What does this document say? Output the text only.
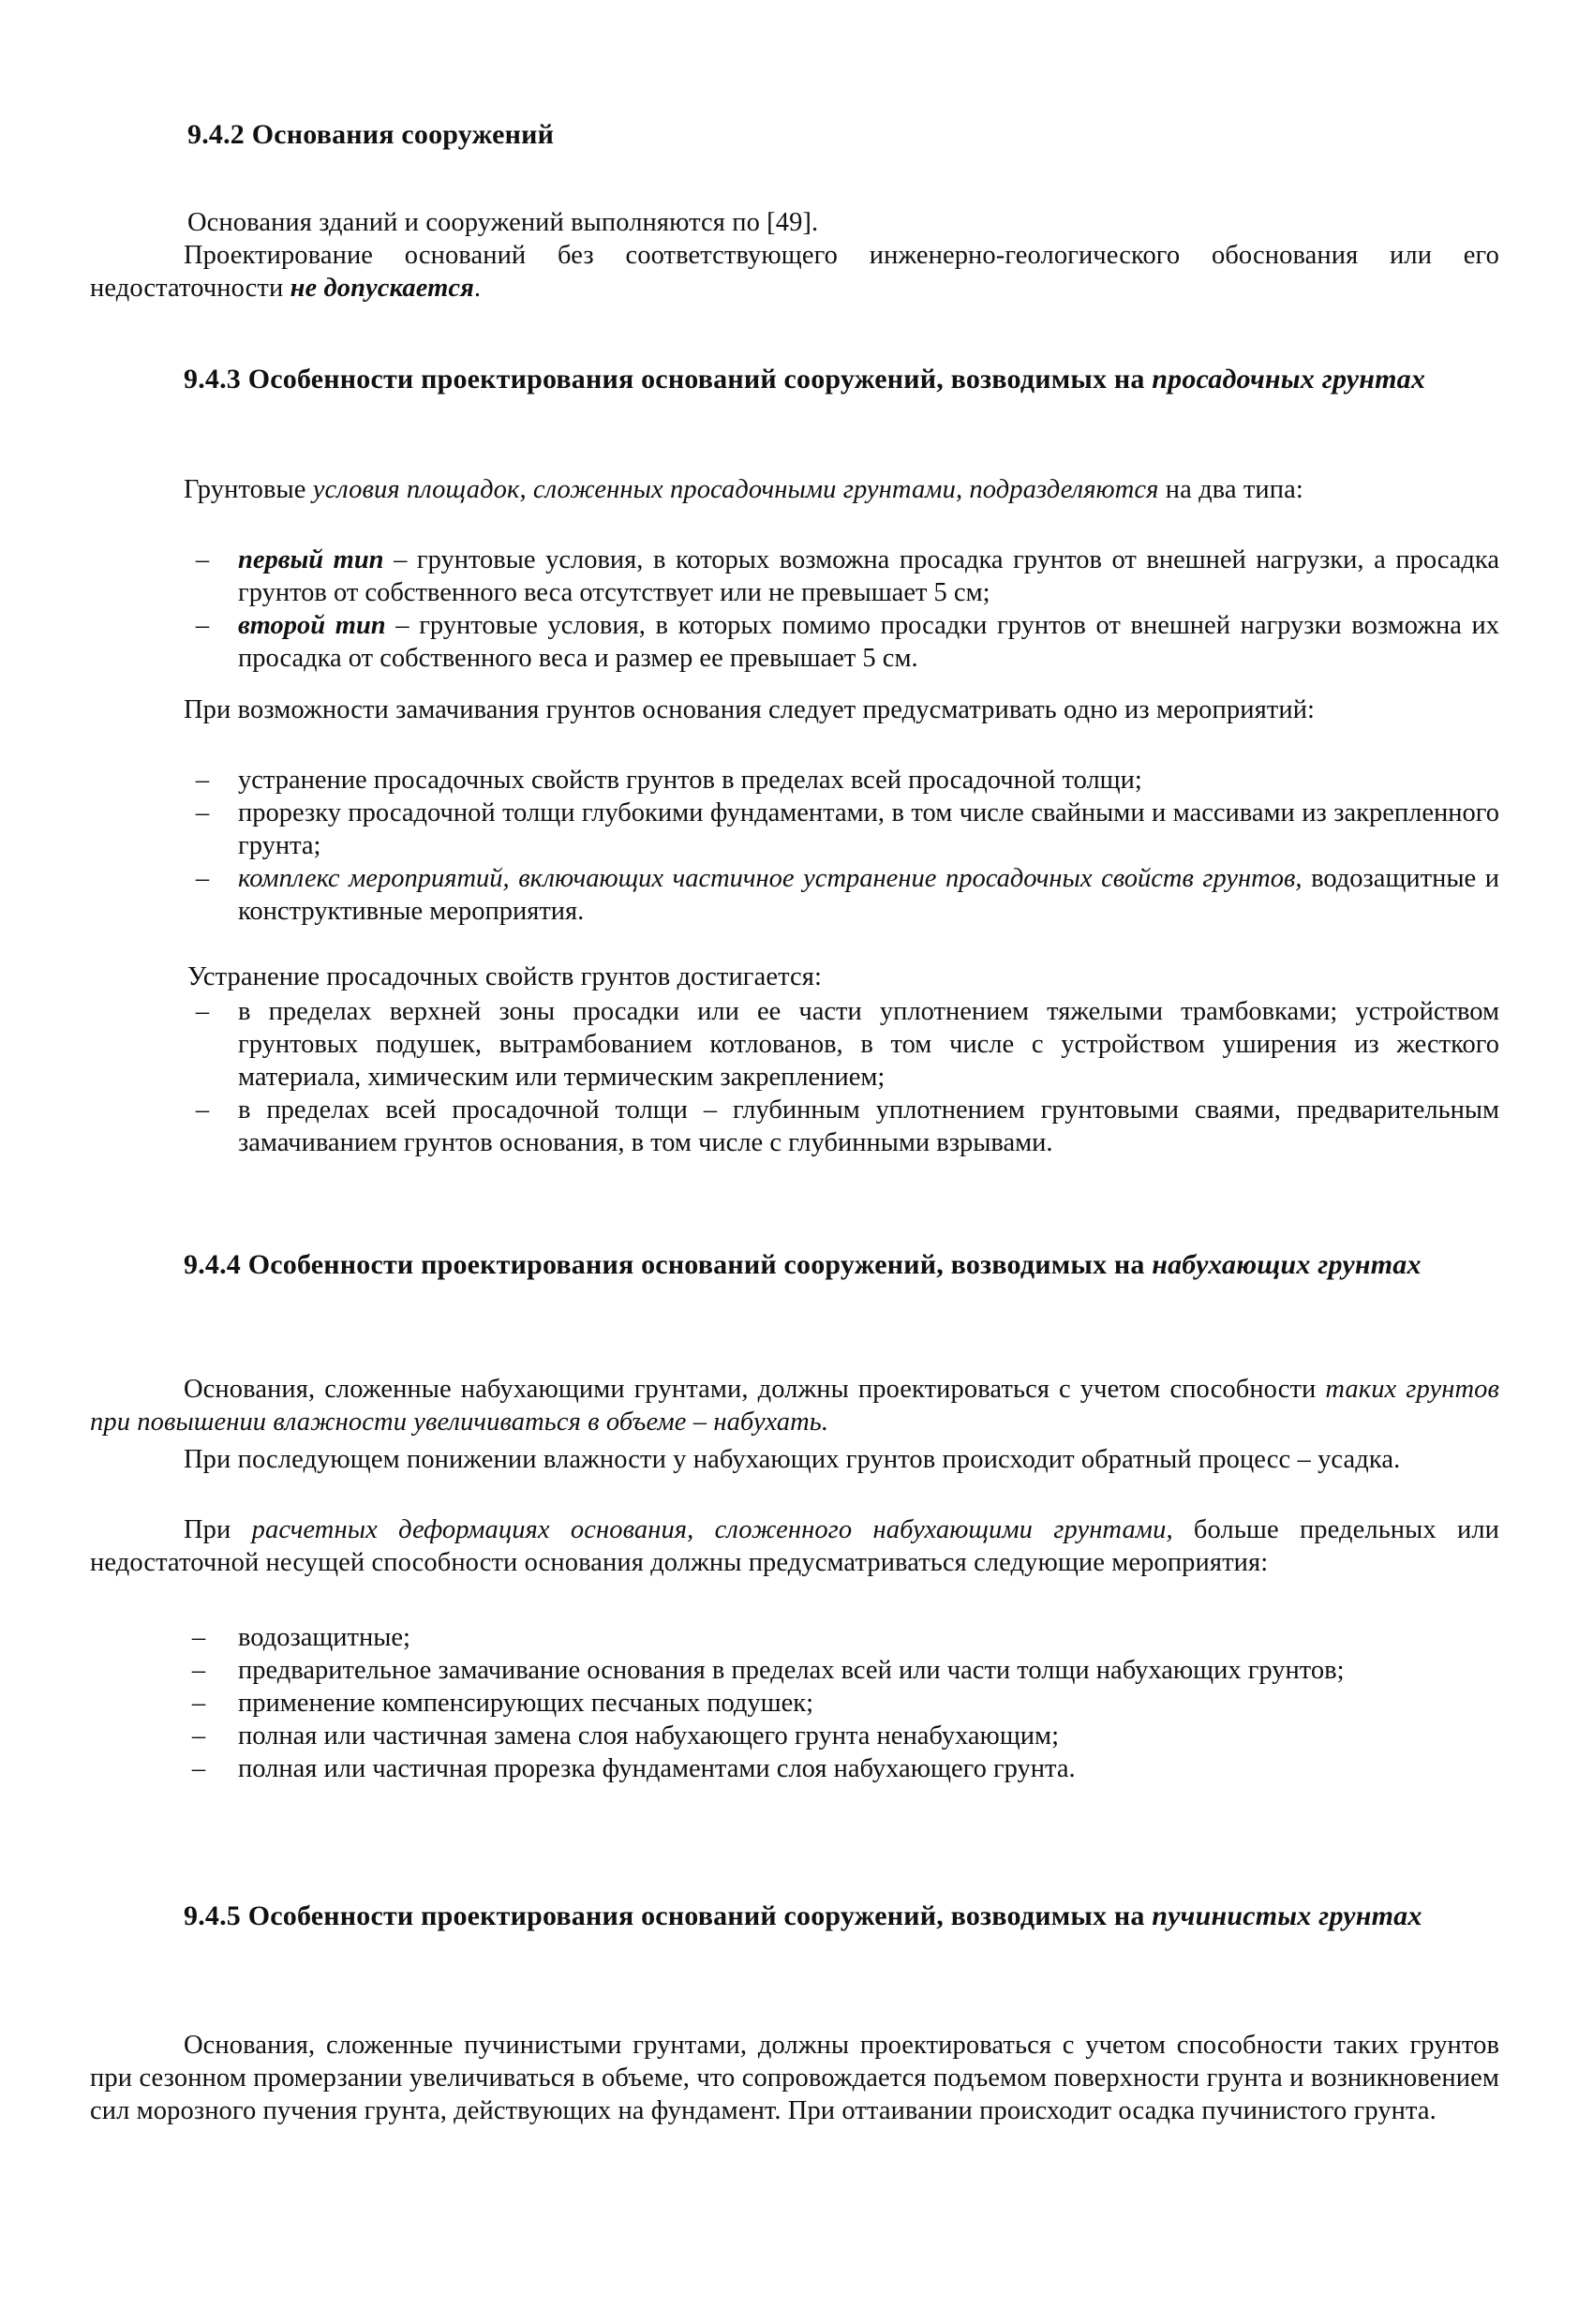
9.4.2 Основания сооружений

Основания зданий и сооружений выполняются по [49].

Проектирование оснований без соответствующего инженерно-геологического обоснования или его недостаточности не допускается.

9.4.3 Особенности проектирования оснований сооружений, возводимых на просадочных грунтах

Грунтовые условия площадок, сложенных просадочными грунтами, подразделяются на два типа:

–	первый тип – грунтовые условия, в которых возможна просадка грунтов от внешней нагрузки, а просадка грунтов от собственного веса отсутствует или не превышает 5 см;
–	второй тип – грунтовые условия, в которых помимо просадки грунтов от внешней нагрузки возможна их просадка от собственного веса и размер ее превышает 5 см.

При возможности замачивания грунтов основания следует предусматривать одно из мероприятий:

–	устранение просадочных свойств грунтов в пределах всей просадочной толщи;
–	прорезку просадочной толщи глубокими фундаментами, в том числе свайными и массивами из закрепленного грунта;
–	комплекс мероприятий, включающих частичное устранение просадочных свойств грунтов, водозащитные и конструктивные мероприятия.

Устранение просадочных свойств грунтов достигается:

–	в пределах верхней зоны просадки или ее части уплотнением тяжелыми трамбовками; устройством грунтовых подушек, вытрамбованием котлованов, в том числе с устройством уширения из жесткого материала, химическим или термическим закреплением;
–	в пределах всей просадочной толщи – глубинным уплотнением грунтовыми сваями, предварительным замачиванием грунтов основания, в том числе с глубинными взрывами.
9.4.4 Особенности проектирования оснований сооружений, возводимых на набухающих грунтах

Основания, сложенные набухающими грунтами, должны проектироваться с учетом способности таких грунтов при повышении влажности увеличиваться в объеме – набухать.

При последующем понижении влажности у набухающих грунтов происходит обратный процесс – усадка.

При расчетных деформациях основания, сложенного набухающими грунтами, больше предельных или недостаточной несущей способности основания должны предусматриваться следующие мероприятия:

–	водозащитные;
–	предварительное замачивание основания в пределах всей или части толщи набухающих грунтов;
–	применение компенсирующих песчаных подушек;
–	полная или частичная замена слоя набухающего грунта ненабухающим;
–	полная или частичная прорезка фундаментами слоя набухающего грунта.
9.4.5 Особенности проектирования оснований сооружений, возводимых на пучинистых грунтах

Основания, сложенные пучинистыми грунтами, должны проектироваться с учетом способности таких грунтов при сезонном промерзании увеличиваться в объеме, что сопровождается подъемом поверхности грунта и возникновением сил морозного пучения грунта, действующих на фундамент. При оттаивании происходит осадка пучинистого грунта.
